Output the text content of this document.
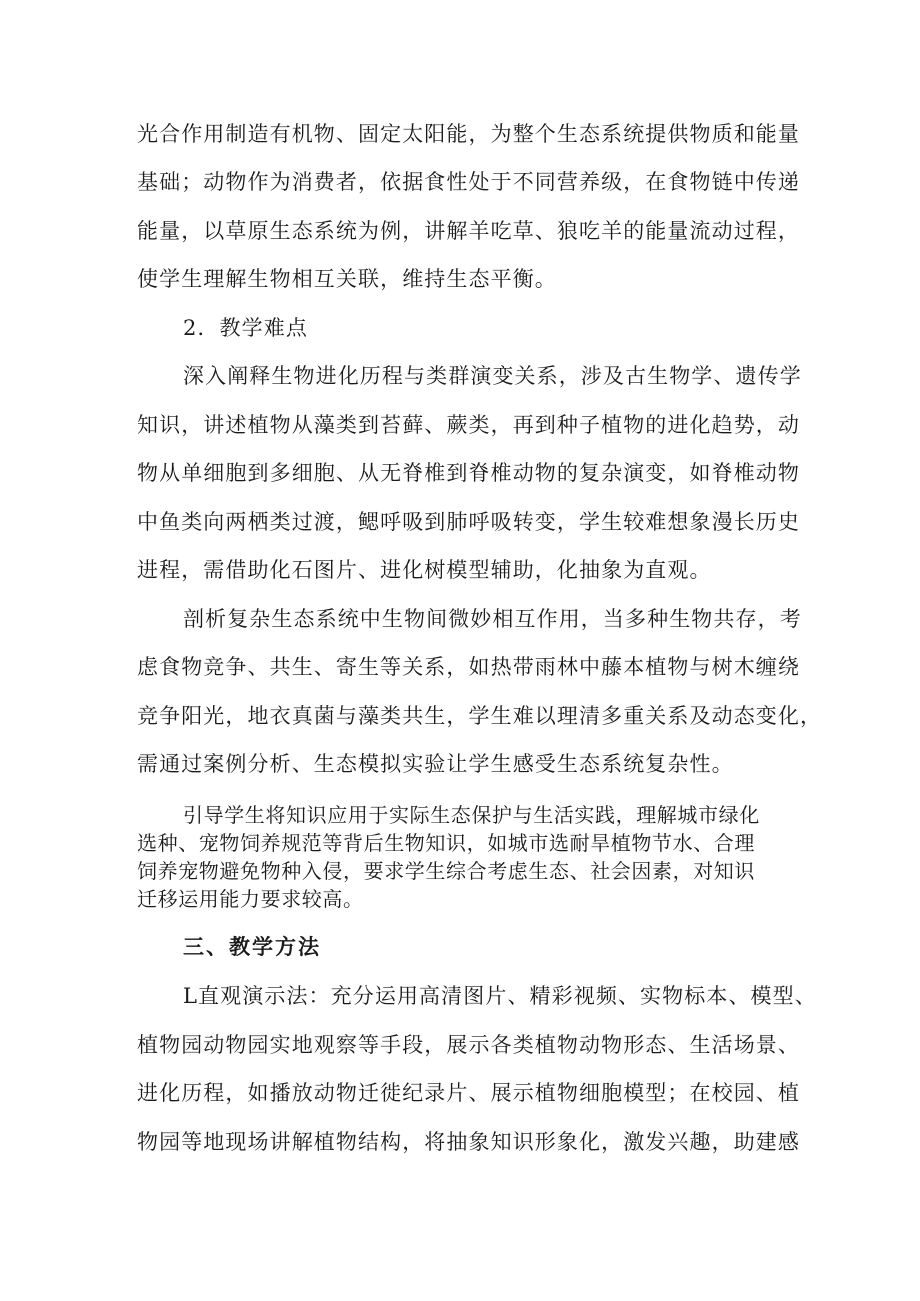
光合作用制造有机物、固定太阳能，为整个生态系统提供物质和能量
基础；动物作为消费者，依据食性处于不同营养级，在食物链中传递
能量，以草原生态系统为例，讲解羊吃草、狼吃羊的能量流动过程，
使学生理解生物相互关联，维持生态平衡。
2．教学难点
深入阐释生物进化历程与类群演变关系，涉及古生物学、遗传学
知识，讲述植物从藻类到苔藓、蕨类，再到种子植物的进化趋势，动
物从单细胞到多细胞、从无脊椎到脊椎动物的复杂演变，如脊椎动物
中鱼类向两栖类过渡，鳃呼吸到肺呼吸转变，学生较难想象漫长历史
进程，需借助化石图片、进化树模型辅助，化抽象为直观。
剖析复杂生态系统中生物间微妙相互作用，当多种生物共存，考
虑食物竞争、共生、寄生等关系，如热带雨林中藤本植物与树木缠绕
竞争阳光，地衣真菌与藻类共生，学生难以理清多重关系及动态变化，
需通过案例分析、生态模拟实验让学生感受生态系统复杂性。
引导学生将知识应用于实际生态保护与生活实践，理解城市绿化
选种、宠物饲养规范等背后生物知识，如城市选耐旱植物节水、合理
饲养宠物避免物种入侵，要求学生综合考虑生态、社会因素，对知识
迁移运用能力要求较高。
三、教学方法
L直观演示法：充分运用高清图片、精彩视频、实物标本、模型、
植物园动物园实地观察等手段，展示各类植物动物形态、生活场景、
进化历程，如播放动物迁徙纪录片、展示植物细胞模型；在校园、植
物园等地现场讲解植物结构，将抽象知识形象化，激发兴趣，助建感
